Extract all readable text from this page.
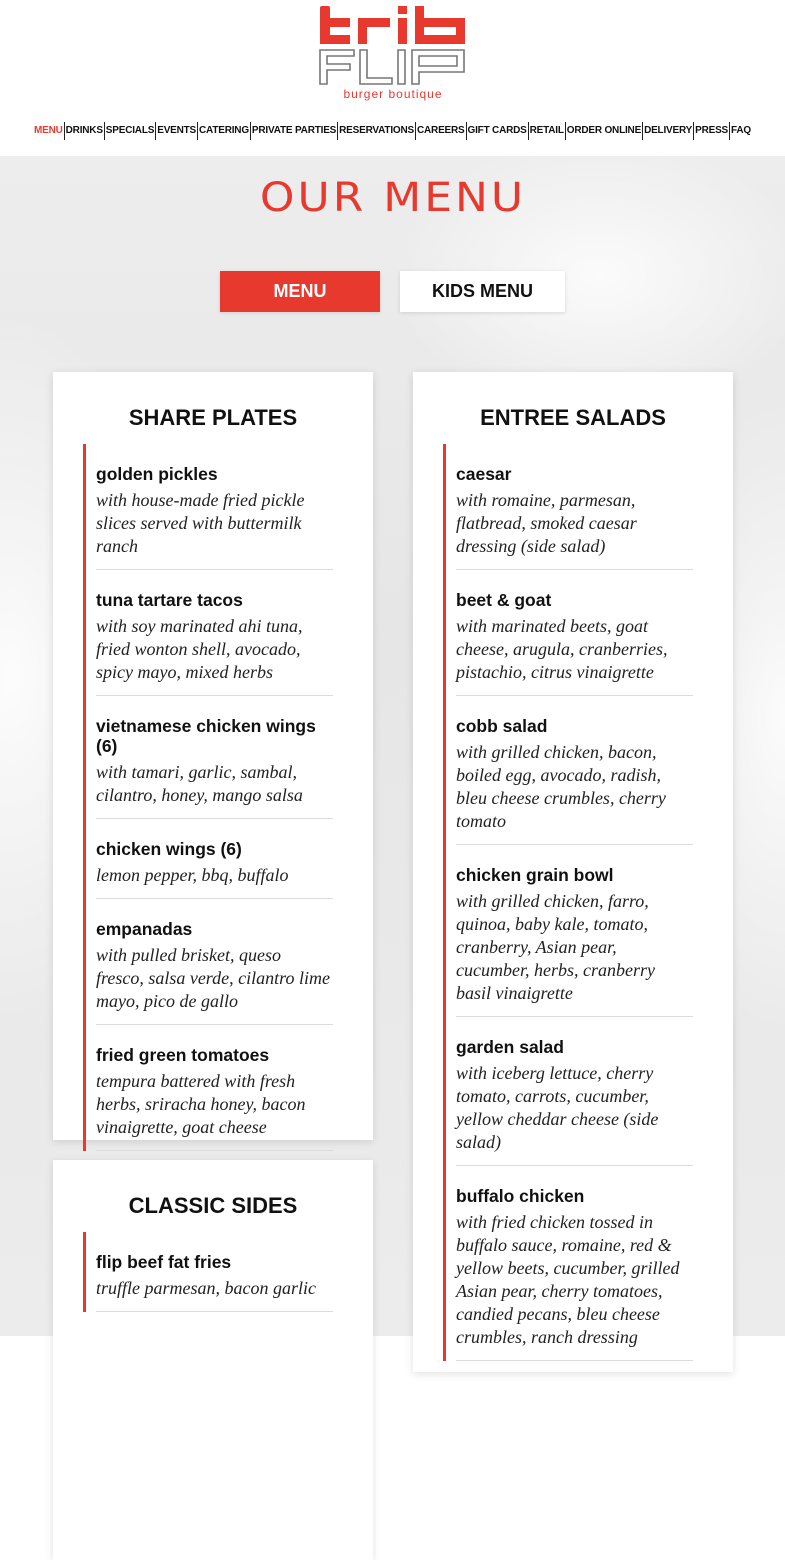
burger boutique
MENU DRINKS SPECIALS EVENTS CATERING PRIVATE PARTIES RESERVATIONS CAREERS GIFT CARDS RETAIL ORDER ONLINE DELIVERY PRESS FAQ
OUR MENU
MENU	KIDS MENU
SHARE PLATES
golden pickles
with house-made fried pickle slices served with buttermilk ranch
tuna tartare tacos
with soy marinated ahi tuna, fried wonton shell, avocado, spicy mayo, mixed herbs
vietnamese chicken wings (6)
with tamari, garlic, sambal, cilantro, honey, mango salsa
chicken wings (6)
lemon pepper, bbq, buffalo
empanadas
with pulled brisket, queso fresco, salsa verde, cilantro lime mayo, pico de gallo
fried green tomatoes
tempura battered with fresh herbs, sriracha honey, bacon vinaigrette, goat cheese
ENTREE SALADS
caesar
with romaine, parmesan, flatbread, smoked caesar dressing (side salad)
beet & goat
with marinated beets, goat cheese, arugula, cranberries, pistachio, citrus vinaigrette
cobb salad
with grilled chicken, bacon, boiled egg, avocado, radish, bleu cheese crumbles, cherry tomato
chicken grain bowl
with grilled chicken, farro, quinoa, baby kale, tomato, cranberry, Asian pear, cucumber, herbs, cranberry basil vinaigrette
garden salad
with iceberg lettuce, cherry tomato, carrots, cucumber, yellow cheddar cheese (side salad)
buffalo chicken
with fried chicken tossed in buffalo sauce, romaine, red & yellow beets, cucumber, grilled Asian pear, cherry tomatoes, candied pecans, bleu cheese crumbles, ranch dressing
CLASSIC SIDES
flip beef fat fries
truffle parmesan, bacon garlic
